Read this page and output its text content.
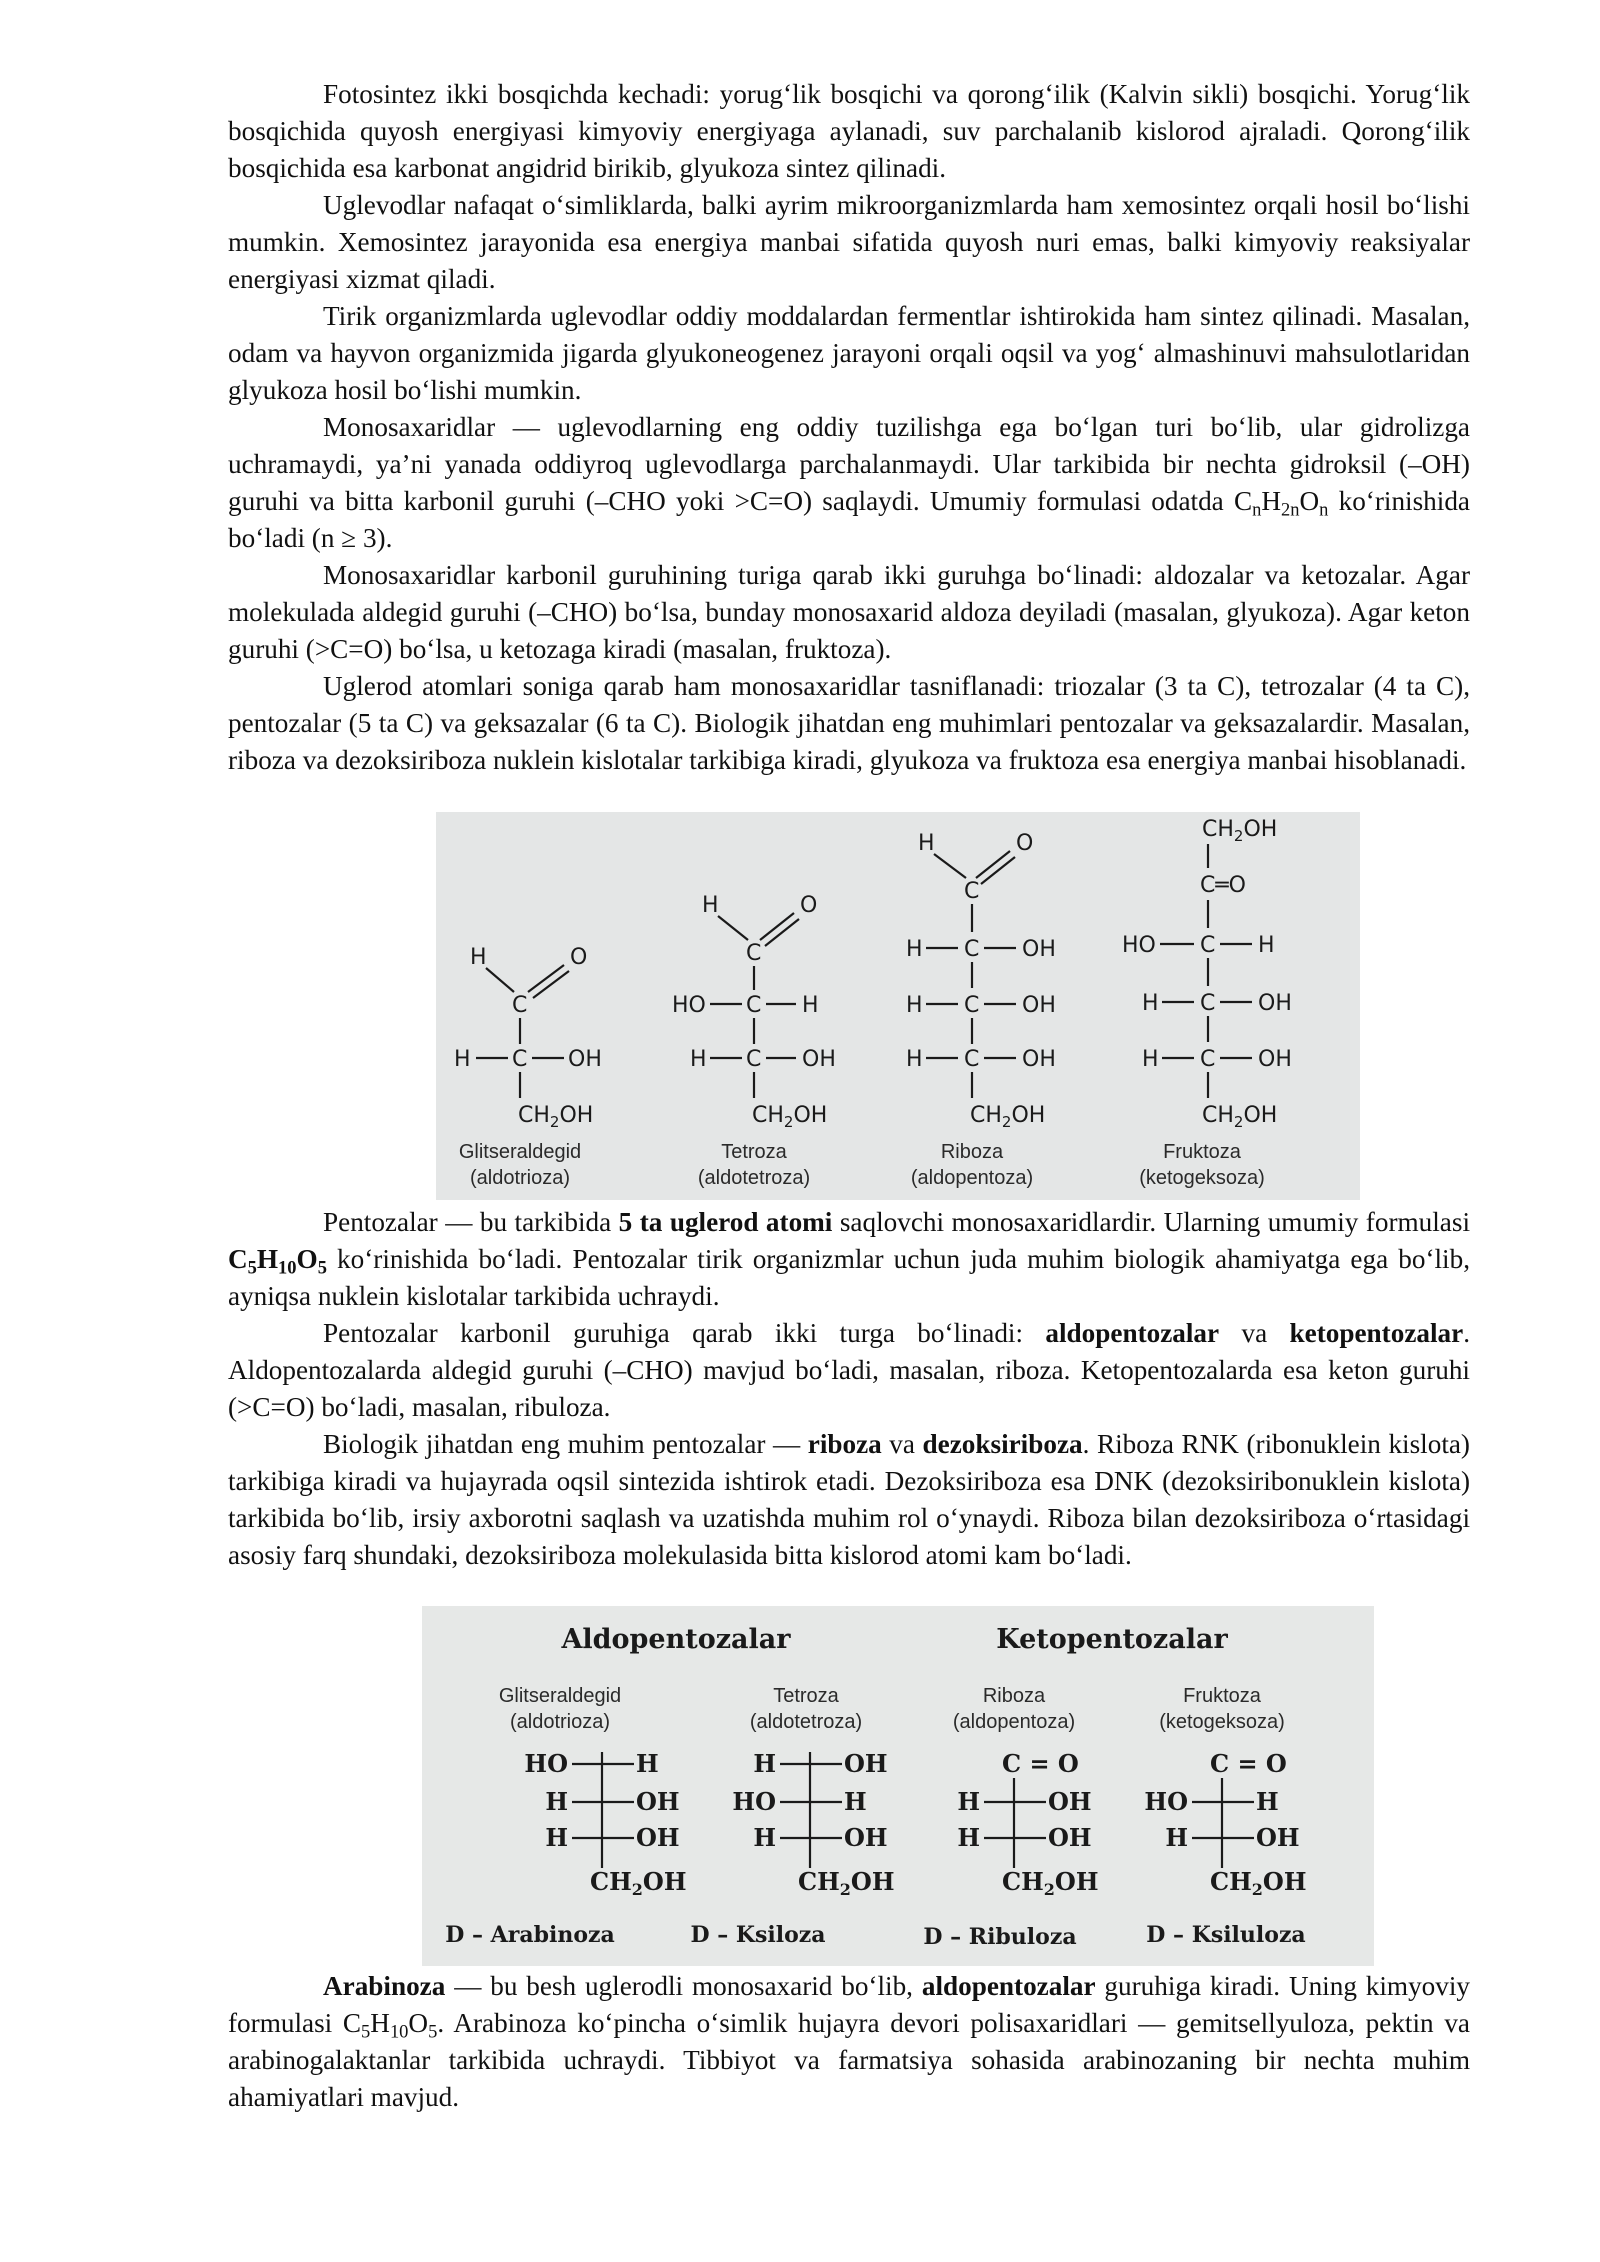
Fotosintez ikki bosqichda kechadi: yorug‘lik bosqichi va qorong‘ilik (Kalvin sikli) bosqichi. Yorug‘lik bosqichida quyosh energiyasi kimyoviy energiyaga aylanadi, suv parchalanib kislorod ajraladi. Qorong‘ilik bosqichida esa karbonat angidrid birikib, glyukoza sintez qilinadi.

Uglevodlar nafaqat o‘simliklarda, balki ayrim mikroorganizmlarda ham xemosintez orqali hosil bo‘lishi mumkin. Xemosintez jarayonida esa energiya manbai sifatida quyosh nuri emas, balki kimyoviy reaksiyalar energiyasi xizmat qiladi.

Tirik organizmlarda uglevodlar oddiy moddalardan fermentlar ishtirokida ham sintez qilinadi. Masalan, odam va hayvon organizmida jigarda glyukoneogenez jarayoni orqali oqsil va yog‘ almashinuvi mahsulotlaridan glyukoza hosil bo‘lishi mumkin.

Monosaxaridlar — uglevodlarning eng oddiy tuzilishga ega bo‘lgan turi bo‘lib, ular gidrolizga uchramaydi, ya’ni yanada oddiyroq uglevodlarga parchalanmaydi. Ular tarkibida bir nechta gidroksil (–OH) guruhi va bitta karbonil guruhi (–CHO yoki >C=O) saqlaydi. Umumiy formulasi odatda $C_nH_{2n}O_n$ ko‘rinishida bo‘ladi (n ≥ 3).

Monosaxaridlar karbonil guruhining turiga qarab ikki guruhga bo‘linadi: aldozalar va ketozalar. Agar molekulada aldegid guruhi (–CHO) bo‘lsa, bunday monosaxarid aldoza deyiladi (masalan, glyukoza). Agar keton guruhi (>C=O) bo‘lsa, u ketozaga kiradi (masalan, fruktoza).

Uglerod atomlari soniga qarab ham monosaxaridlar tasniflanadi: triozalar (3 ta C), tetrozalar (4 ta C), pentozalar (5 ta C) va geksazalar (6 ta C). Biologik jihatdan eng muhimlari pentozalar va geksazalardir. Masalan, riboza va dezoksiriboza nuklein kislotalar tarkibiga kiradi, glyukoza va fruktoza esa energiya manbai hisoblanadi.

H	O
C
H C OH
$CH_2OH$
H	O
C
HO C H
H C OH
$CH_2OH$
H	O
C
H C OH
H C OH
H C OH
$CH_2OH$
$CH_2OH$
C═O
HO C H
H C OH
H C OH
$CH_2OH$
Glitseraldegid
(aldotrioza)
Tetroza
(aldotetroza)
Riboza
(aldopentoza)
Fruktoza
(ketogeksoza)

Pentozalar — bu tarkibida 5 ta uglerod atomi saqlovchi monosaxaridlardir. Ularning umumiy formulasi $C_5H_{10}O_5$ ko‘rinishida bo‘ladi. Pentozalar tirik organizmlar uchun juda muhim biologik ahamiyatga ega bo‘lib, ayniqsa nuklein kislotalar tarkibida uchraydi.

Pentozalar karbonil guruhiga qarab ikki turga bo‘linadi: aldopentozalar va ketopentozalar. Aldopentozalarda aldegid guruhi (–CHO) mavjud bo‘ladi, masalan, riboza. Ketopentozalarda esa keton guruhi (>C=O) bo‘ladi, masalan, ribuloza.

Biologik jihatdan eng muhim pentozalar — riboza va dezoksiriboza. Riboza RNK (ribonuklein kislota) tarkibiga kiradi va hujayrada oqsil sintezida ishtirok etadi. Dezoksiriboza esa DNK (dezoksiribonuklein kislota) tarkibida bo‘lib, irsiy axborotni saqlash va uzatishda muhim rol o‘ynaydi. Riboza bilan dezoksiriboza o‘rtasidagi asosiy farq shundaki, dezoksiriboza molekulasida bitta kislorod atomi kam bo‘ladi.

Aldopentozalar	Ketopentozalar
Glitseraldegid
(aldotrioza)
Tetroza
(aldotetroza)
Riboza
(aldopentoza)
Fruktoza
(ketogeksoza)
HO	H
H	OH
H	OH
$CH_2OH$
H	OH
HO	H
H	OH
$CH_2OH$
C = O
H	OH
H	OH
$CH_2OH$
C = O
HO	H
H	OH
$CH_2OH$
D – Arabinoza	D – Ksiloza	D – Ribuloza	D – Ksiluloza

Arabinoza — bu besh uglerodli monosaxarid bo‘lib, aldopentozalar guruhiga kiradi. Uning kimyoviy formulasi $C_5H_{10}O_5$. Arabinoza ko‘pincha o‘simlik hujayra devori polisaxaridlari — gemitsellyuloza, pektin va arabinogalaktanlar tarkibida uchraydi. Tibbiyot va farmatsiya sohasida arabinozaning bir nechta muhim ahamiyatlari mavjud.
